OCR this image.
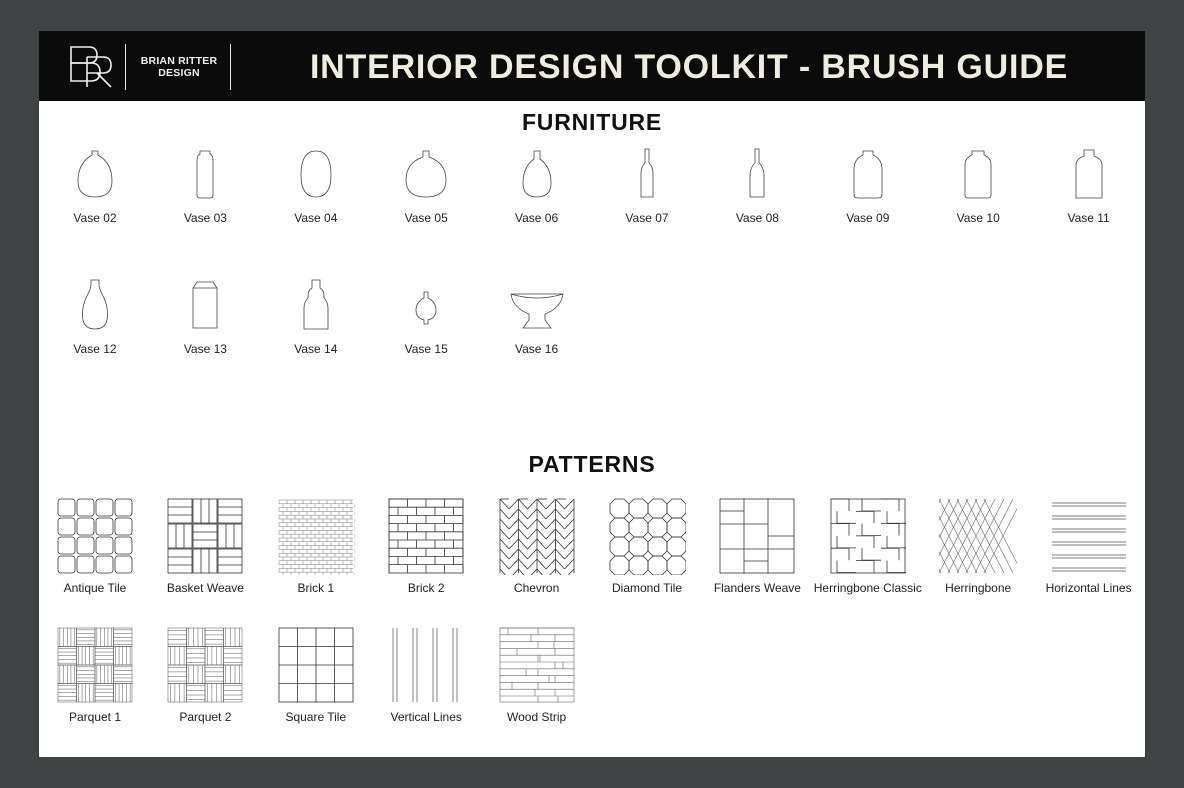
BRIAN RITTER
DESIGN	INTERIOR DESIGN TOOLKIT - BRUSH GUIDE
FURNITURE
Vase 02	Vase 03	Vase 04	Vase 05	Vase 06	Vase 07	Vase 08	Vase 09	Vase 10	Vase 11
Vase 12	Vase 13	Vase 14	Vase 15	Vase 16
PATTERNS
Antique Tile	Basket Weave	Brick 1	Brick 2	Chevron	Diamond Tile	Flanders Weave	Herringbone Classic	Herringbone	Horizontal Lines
Parquet 1	Parquet 2	Square Tile	Vertical Lines	Wood Strip
